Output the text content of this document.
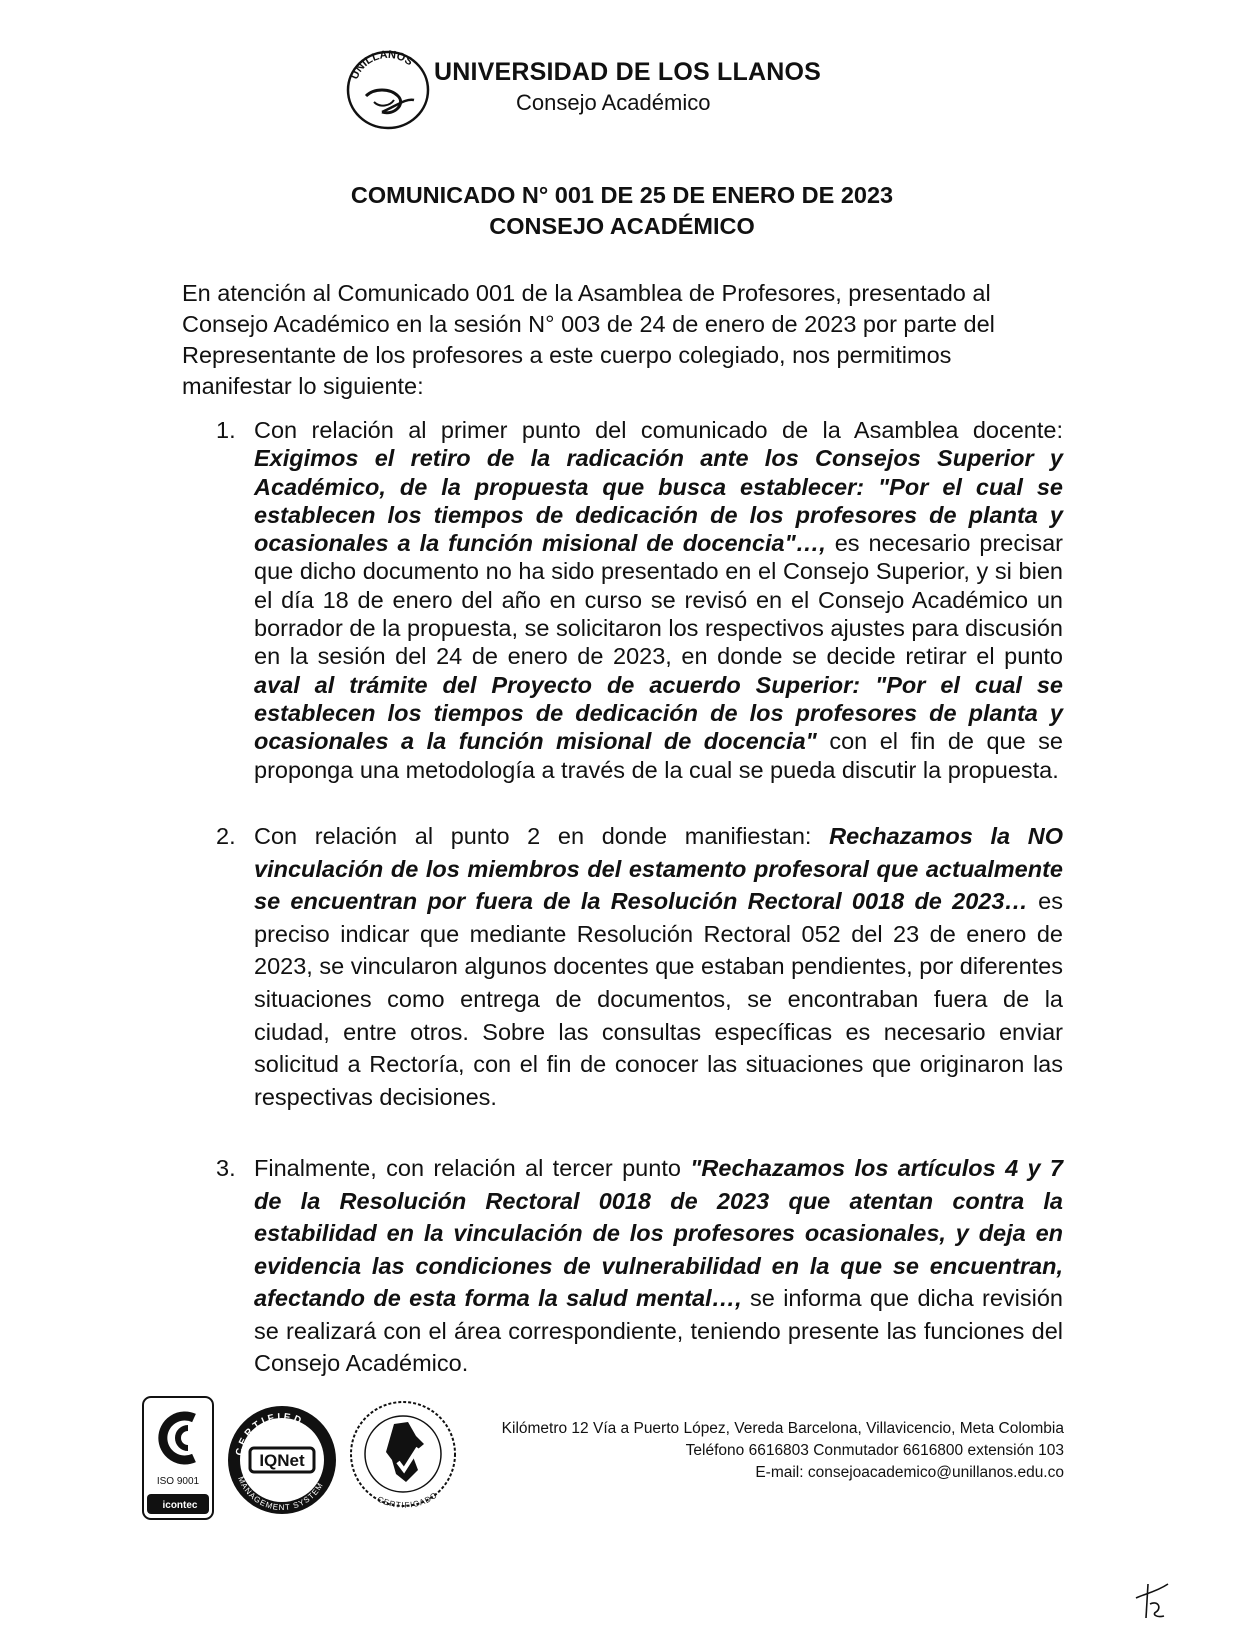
UNILLANOS UNIVERSIDAD DE LOS LLANOS
Consejo Académico
COMUNICADO N° 001 DE 25 DE ENERO DE 2023
CONSEJO ACADÉMICO
En atención al Comunicado 001 de la Asamblea de Profesores, presentado al Consejo Académico en la sesión N° 003 de 24 de enero de 2023 por parte del Representante de los profesores a este cuerpo colegiado, nos permitimos manifestar lo siguiente:
1. Con relación al primer punto del comunicado de la Asamblea docente: Exigimos el retiro de la radicación ante los Consejos Superior y Académico, de la propuesta que busca establecer: "Por el cual se establecen los tiempos de dedicación de los profesores de planta y ocasionales a la función misional de docencia"…, es necesario precisar que dicho documento no ha sido presentado en el Consejo Superior, y si bien el día 18 de enero del año en curso se revisó en el Consejo Académico un borrador de la propuesta, se solicitaron los respectivos ajustes para discusión en la sesión del 24 de enero de 2023, en donde se decide retirar el punto aval al trámite del Proyecto de acuerdo Superior: "Por el cual se establecen los tiempos de dedicación de los profesores de planta y ocasionales a la función misional de docencia" con el fin de que se proponga una metodología a través de la cual se pueda discutir la propuesta.
2. Con relación al punto 2 en donde manifiestan: Rechazamos la NO vinculación de los miembros del estamento profesoral que actualmente se encuentran por fuera de la Resolución Rectoral 0018 de 2023… es preciso indicar que mediante Resolución Rectoral 052 del 23 de enero de 2023, se vincularon algunos docentes que estaban pendientes, por diferentes situaciones como entrega de documentos, se encontraban fuera de la ciudad, entre otros. Sobre las consultas específicas es necesario enviar solicitud a Rectoría, con el fin de conocer las situaciones que originaron las respectivas decisiones.
3. Finalmente, con relación al tercer punto "Rechazamos los artículos 4 y 7 de la Resolución Rectoral 0018 de 2023 que atentan contra la estabilidad en la vinculación de los profesores ocasionales, y deja en evidencia las condiciones de vulnerabilidad en la que se encuentran, afectando de esta forma la salud mental…, se informa que dicha revisión se realizará con el área correspondiente, teniendo presente las funciones del Consejo Académico.
ISO 9001
icontec
CERTIFIED
MANAGEMENT SYSTEM
IQNet
CERTIFICADO
Kilómetro 12 Vía a Puerto López, Vereda Barcelona, Villavicencio, Meta Colombia
Teléfono 6616803 Conmutador 6616800 extensión 103
E-mail: consejoacademico@unillanos.edu.co
